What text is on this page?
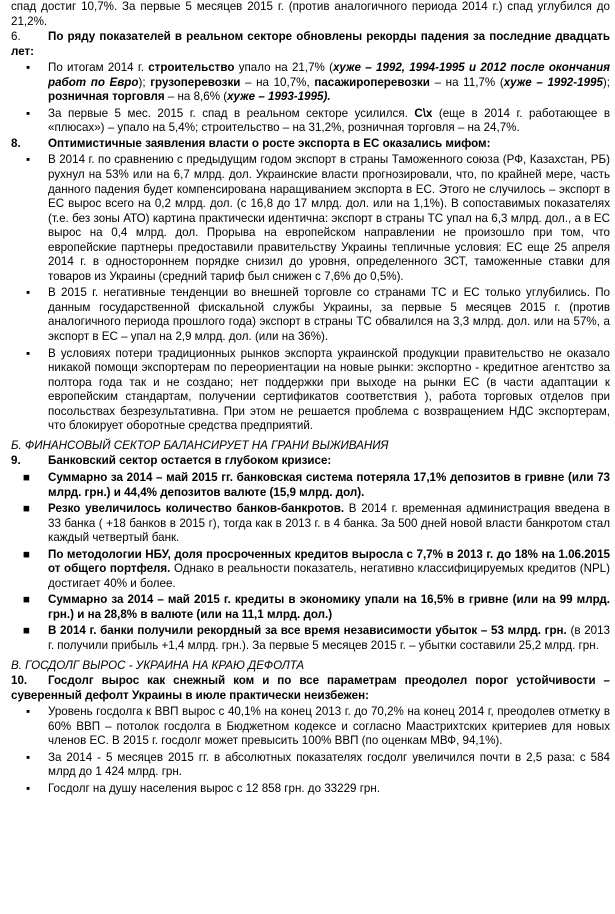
спад достиг 10,7%. За первые 5 месяцев 2015 г. (против аналогичного периода 2014 г.) спад углубился до 21,2%.

6. По ряду показателей в реальном секторе обновлены рекорды падения за последние двадцать лет:

▪	По итогам 2014 г. строительство упало на 21,7% (хуже – 1992, 1994-1995 и 2012 после окончания работ по Евро); грузоперевозки – на 10,7%, пасажироперевозки – на 11,7% (хуже – 1992-1995); розничная торговля – на 8,6% (хуже – 1993-1995).
▪	За первые 5 мес. 2015 г. спад в реальном секторе усилился. С\х (еще в 2014 г. работающее в «плюсах») – упало на 5,4%; строительство – на 31,2%, розничная торговля – на 24,7%.

8. Оптимистичные заявления власти о росте экспорта в ЕС оказались мифом:

▪	В 2014 г. по сравнению с предыдущим годом экспорт в страны Таможенного союза (РФ, Казахстан, РБ) рухнул на 53% или на 6,7 млрд. дол. Украинские власти прогнозировали, что, по крайней мере, часть данного падения будет компенсирована наращиванием экспорта в ЕС. Этого не случилось – экспорт в ЕС вырос всего на 0,2 млрд. дол. (с 16,8 до 17 млрд. дол. или на 1,1%). В сопоставимых показателях (т.е. без зоны АТО) картина практически идентична: экспорт в страны ТС упал на 6,3 млрд. дол., а в ЕС вырос на 0,4 млрд. дол. Прорыва на европейском направлении не произошло при том, что европейские партнеры предоставили правительству Украины тепличные условия: ЕС еще 25 апреля 2014 г. в одностороннем порядке снизил до уровня, определенного ЗСТ, таможенные ставки для товаров из Украины (средний тариф был снижен с 7,6% до 0,5%).
▪	В 2015 г. негативные тенденции во внешней торговле со странами ТС и ЕС только углубились. По данным государственной фискальной службы Украины, за первые 5 месяцев 2015 г. (против аналогичного периода прошлого года) экспорт в страны ТС обвалился на 3,3 млрд. дол. или на 57%, а экспорт в ЕС – упал на 2,9 млрд. дол. (или на 36%).
▪	В условиях потери традиционных рынков экспорта украинской продукции правительство не оказало никакой помощи экспортерам по переориентации на новые рынки: экспортно - кредитное агентство за полтора года так и не создано; нет поддержки при выходе на рынки ЕС (в части адаптации к европейским стандартам, получении сертификатов соответствия ), работа торговых отделов при посольствах безрезультативна. При этом не решается проблема с возвращением НДС экспортерам, что блокирует оборотные средства предприятий.

Б. ФИНАНСОВЫЙ СЕКТОР БАЛАНСИРУЕТ НА ГРАНИ ВЫЖИВАНИЯ

9. Банковский сектор остается в глубоком кризисе:

■	Суммарно за 2014 – май 2015 гг. банковская система потеряла 17,1% депозитов в гривне (или 73 млрд. грн.) и 44,4% депозитов валюте (15,9 млрд. дол).
■	Резко увеличилось количество банков-банкротов. В 2014 г. временная администрация введена в 33 банка ( +18 банков в 2015 г), тогда как в 2013 г. в 4 банка. За 500 дней новой власти банкротом стал каждый четвертый банк.
■	По методологии НБУ, доля проcроченных кредитов выросла с 7,7% в 2013 г. до 18% на 1.06.2015 от общего портфеля. Однако в реальности показатель, негативно классифицируемых кредитов (NPL) достигает 40% и более.
■	Суммарно за 2014 – май 2015 г. кредиты в экономику упали на 16,5% в гривне (или на 99 млрд. грн.) и на 28,8% в валюте (или на 11,1 млрд. дол.)
■	В 2014 г. банки получили рекордный за все время независимости убыток – 53 млрд. грн. (в 2013 г. получили прибыль +1,4 млрд. грн.). За первые 5 месяцев 2015 г. – убытки составили 25,2 млрд. грн.

В. ГОСДОЛГ ВЫРОС - УКРАИНА НА КРАЮ ДЕФОЛТА

10. Госдолг вырос как снежный ком и по все параметрам преодолел порог устойчивости – суверенный дефолт Украины в июле практически неизбежен:

▪	Уровень госдолга к ВВП вырос с 40,1% на конец 2013 г. до 70,2% на конец 2014 г, преодолев отметку в 60% ВВП – потолок госдолга в Бюджетном кодексе и согласно Маастрихтских критериев для новых членов ЕС. В 2015 г. госдолг может превысить 100% ВВП (по оценкам МВФ, 94,1%).
▪	За 2014 - 5 месяцев 2015 гг. в абсолютных показателях госдолг увеличился почти в 2,5 раза: с 584 млрд до 1 424 млрд. грн.
▪	Госдолг на душу населения вырос с 12 858 грн. до 33229 грн.
